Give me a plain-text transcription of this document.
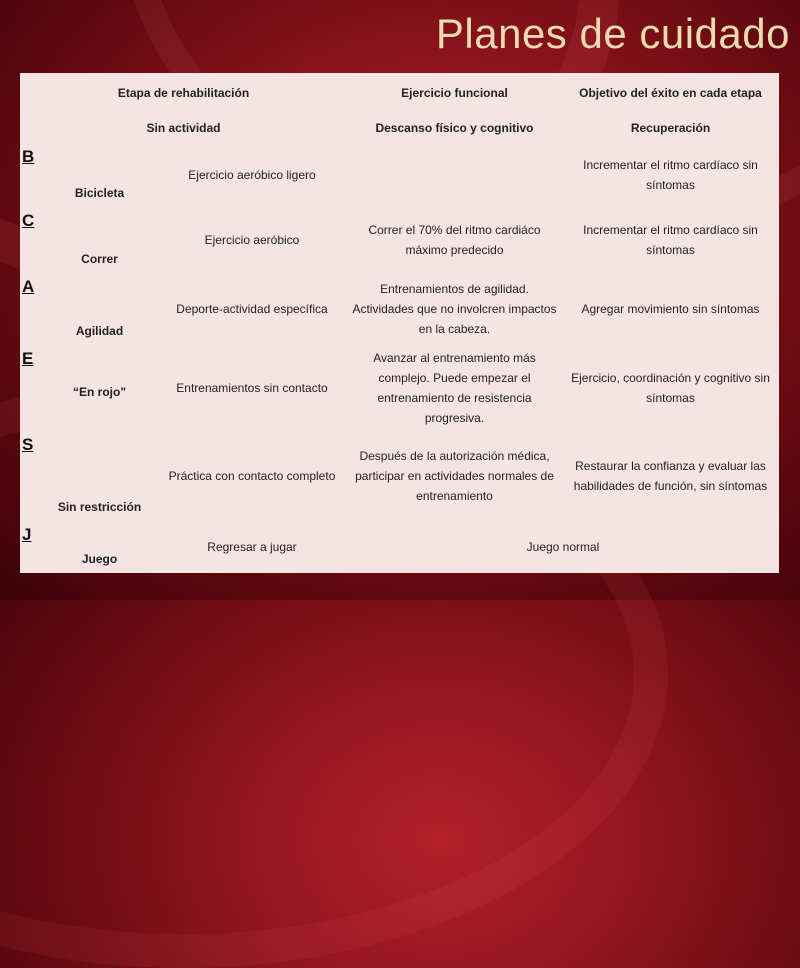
Planes de cuidado
Etapa de rehabilitación			Ejercicio funcional	Objetivo del éxito en cada etapa
Sin actividad			Descanso físico y cognitivo	Recuperación
B	Bicicleta	Ejercicio aeróbico ligero		Incrementar el ritmo cardíaco sin síntomas
C	Correr	Ejercicio aeróbico	Correr el 70% del ritmo cardiáco máximo predecido	Incrementar el ritmo cardíaco sin síntomas
A	Agilidad	Deporte-actividad específica	Entrenamientos de agilidad. Actividades que no involcren impactos en la cabeza.	Agregar movimiento sin síntomas
E	“En rojo"	Entrenamientos sin contacto	Avanzar al entrenamiento más complejo. Puede empezar el entrenamiento de resistencia progresiva.	Ejercicio, coordinación y cognitivo sin síntomas
S	Sin restricción	Práctica con contacto completo	Después de la autorización médica, participar en actividades normales de entrenamiento	Restaurar la confianza y evaluar las habilidades de función, sin síntomas
J	Juego	Regresar a jugar	Juego normal	
